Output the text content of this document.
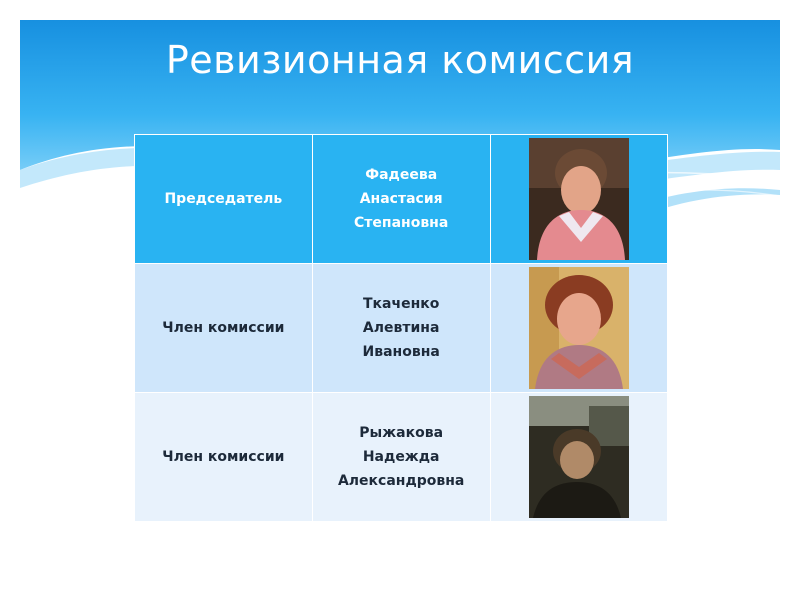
Ревизионная комиссия
Председатель	Фадеева
Анастасия
Степановна

Член комиссии	Ткаченко
Алевтина
Ивановна

Член комиссии	Рыжакова
Надежда
Александровна
